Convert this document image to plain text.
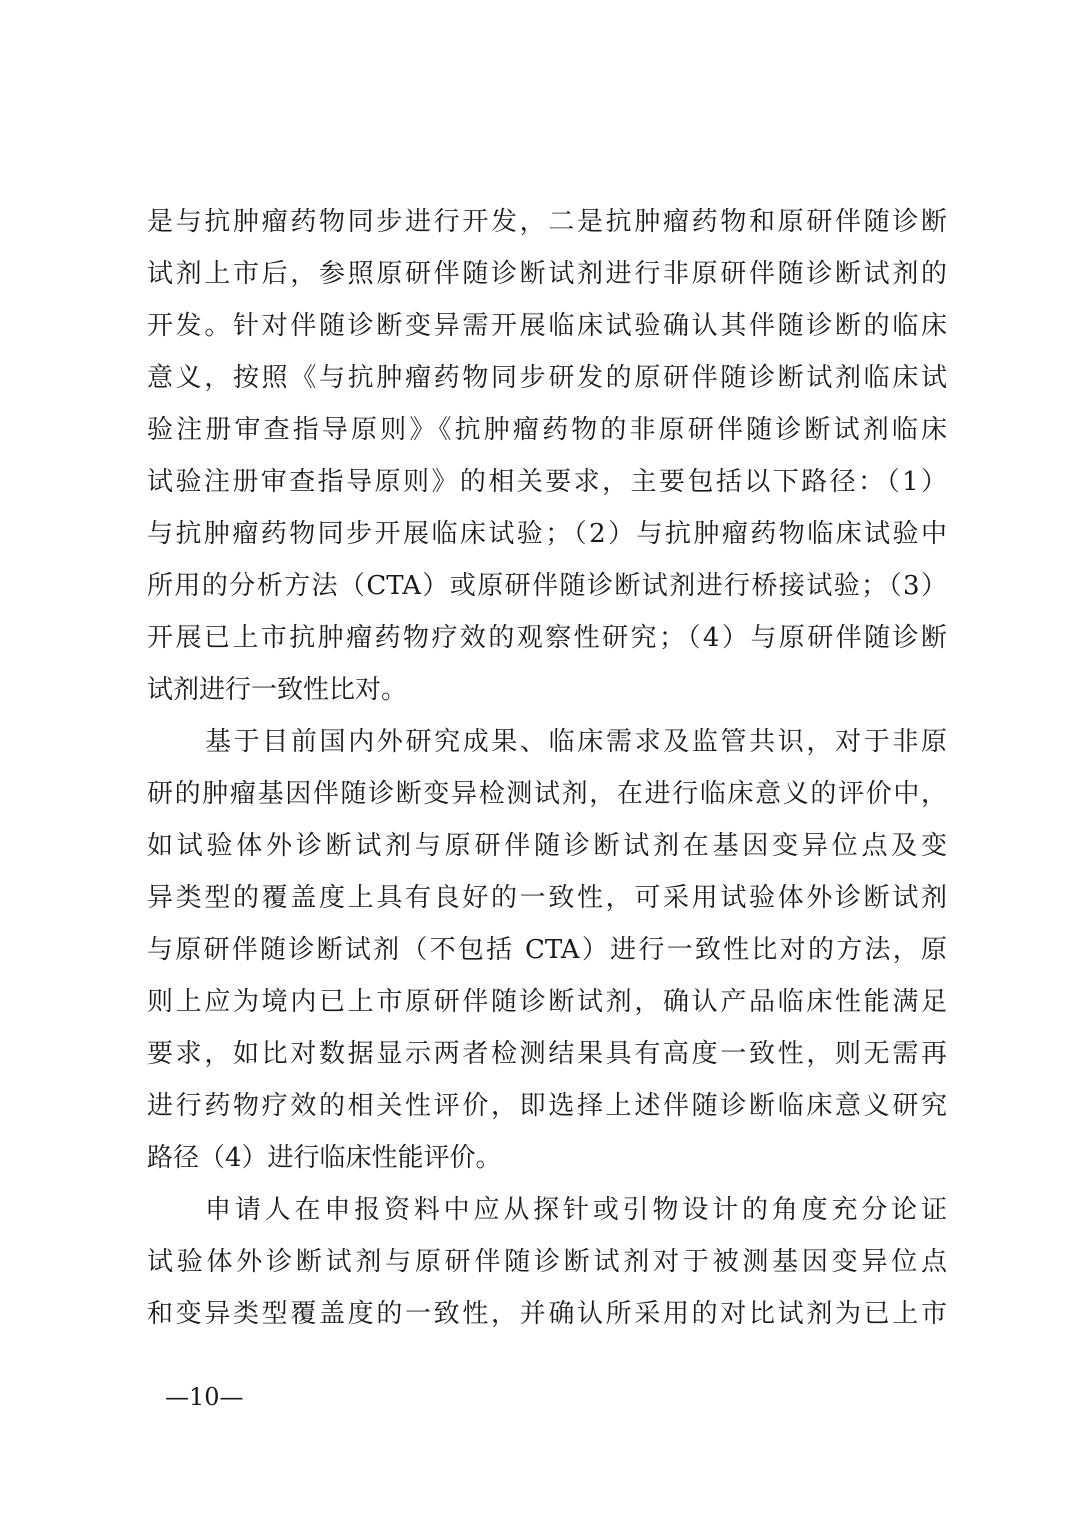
是与抗肿瘤药物同步进行开发，二是抗肿瘤药物和原研伴随诊断
试剂上市后，参照原研伴随诊断试剂进行非原研伴随诊断试剂的
开发。针对伴随诊断变异需开展临床试验确认其伴随诊断的临床
意义，按照《与抗肿瘤药物同步研发的原研伴随诊断试剂临床试
验注册审查指导原则》《抗肿瘤药物的非原研伴随诊断试剂临床
试验注册审查指导原则》的相关要求，主要包括以下路径：（1）
与抗肿瘤药物同步开展临床试验；（2）与抗肿瘤药物临床试验中
所用的分析方法（CTA）或原研伴随诊断试剂进行桥接试验；（3）
开展已上市抗肿瘤药物疗效的观察性研究；（4）与原研伴随诊断
试剂进行一致性比对。
基于目前国内外研究成果、临床需求及监管共识，对于非原
研的肿瘤基因伴随诊断变异检测试剂，在进行临床意义的评价中，
如试验体外诊断试剂与原研伴随诊断试剂在基因变异位点及变
异类型的覆盖度上具有良好的一致性，可采用试验体外诊断试剂
与原研伴随诊断试剂（不包括 CTA）进行一致性比对的方法，原
则上应为境内已上市原研伴随诊断试剂，确认产品临床性能满足
要求，如比对数据显示两者检测结果具有高度一致性，则无需再
进行药物疗效的相关性评价，即选择上述伴随诊断临床意义研究
路径（4）进行临床性能评价。
申请人在申报资料中应从探针或引物设计的角度充分论证
试验体外诊断试剂与原研伴随诊断试剂对于被测基因变异位点
和变异类型覆盖度的一致性，并确认所采用的对比试剂为已上市
—10—
